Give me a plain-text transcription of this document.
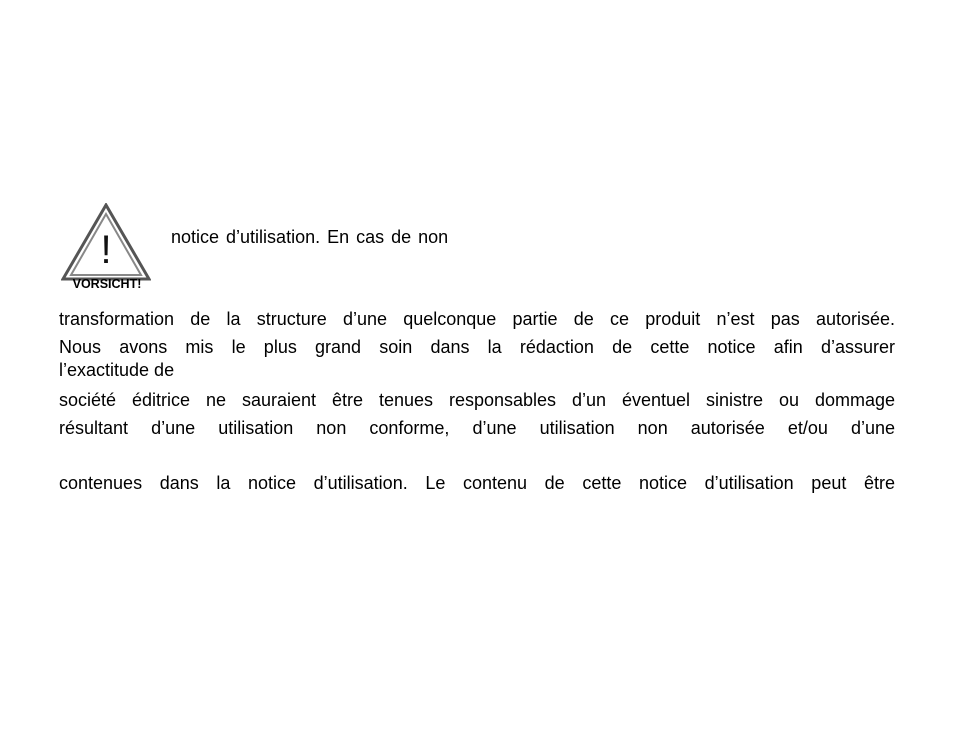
!
VORSICHT!
notice d’utilisation. En cas de non
transformation de la structure d’une quelconque partie de ce produit n’est pas autorisée.
Nous avons mis le plus grand soin dans la rédaction de cette notice afin d’assurer
l’exactitude de
société éditrice ne sauraient être tenues responsables d’un éventuel sinistre ou dommage
résultant d’une utilisation non conforme, d’une utilisation non autorisée et/ou d’une
contenues dans la notice d’utilisation. Le contenu de cette notice d’utilisation peut être
